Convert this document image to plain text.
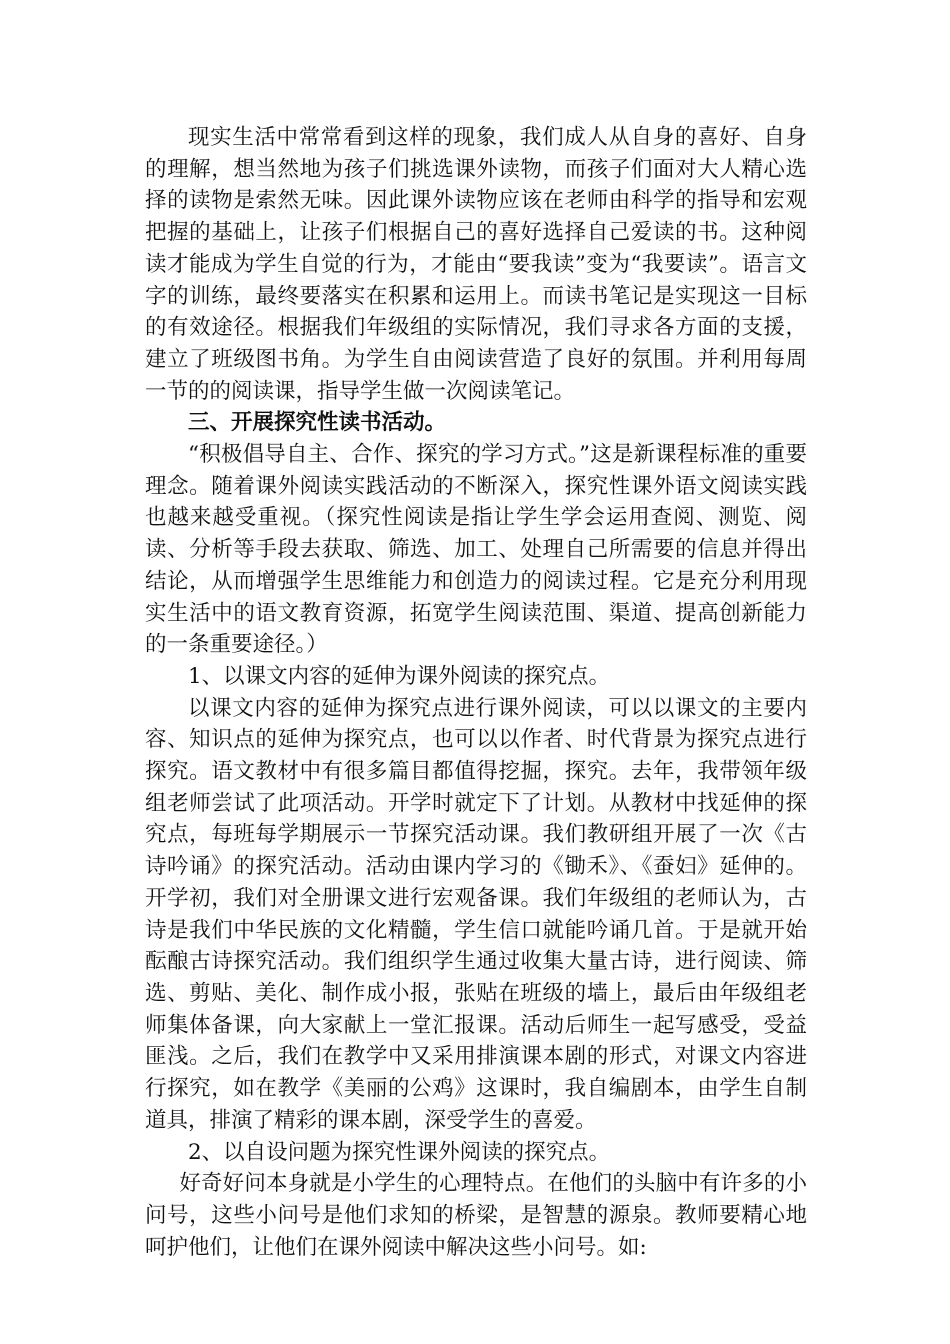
现实生活中常常看到这样的现象，我们成人从自身的喜好、自身的理解，想当然地为孩子们挑选课外读物，而孩子们面对大人精心选择的读物是索然无味。因此课外读物应该在老师由科学的指导和宏观把握的基础上，让孩子们根据自己的喜好选择自己爱读的书。这种阅读才能成为学生自觉的行为，才能由“要我读”变为“我要读”。语言文字的训练，最终要落实在积累和运用上。而读书笔记是实现这一目标的有效途径。根据我们年级组的实际情况，我们寻求各方面的支援，建立了班级图书角。为学生自由阅读营造了良好的氛围。并利用每周一节的的阅读课，指导学生做一次阅读笔记。

三、开展探究性读书活动。

“积极倡导自主、合作、探究的学习方式。”这是新课程标准的重要理念。随着课外阅读实践活动的不断深入，探究性课外语文阅读实践也越来越受重视。（探究性阅读是指让学生学会运用查阅、测览、阅读、分析等手段去获取、筛选、加工、处理自己所需要的信息并得出结论，从而增强学生思维能力和创造力的阅读过程。它是充分利用现实生活中的语文教育资源，拓宽学生阅读范围、渠道、提高创新能力的一条重要途径。）

1、以课文内容的延伸为课外阅读的探究点。

以课文内容的延伸为探究点进行课外阅读，可以以课文的主要内容、知识点的延伸为探究点，也可以以作者、时代背景为探究点进行探究。语文教材中有很多篇目都值得挖掘，探究。去年，我带领年级组老师尝试了此项活动。开学时就定下了计划。从教材中找延伸的探究点，每班每学期展示一节探究活动课。我们教研组开展了一次《古诗吟诵》的探究活动。活动由课内学习的《锄禾》、《蚕妇》延伸的。开学初，我们对全册课文进行宏观备课。我们年级组的老师认为，古诗是我们中华民族的文化精髓，学生信口就能吟诵几首。于是就开始酝酿古诗探究活动。我们组织学生通过收集大量古诗，进行阅读、筛选、剪贴、美化、制作成小报，张贴在班级的墙上，最后由年级组老师集体备课，向大家献上一堂汇报课。活动后师生一起写感受，受益匪浅。之后，我们在教学中又采用排演课本剧的形式，对课文内容进行探究，如在教学《美丽的公鸡》这课时，我自编剧本，由学生自制道具，排演了精彩的课本剧，深受学生的喜爱。

2、以自设问题为探究性课外阅读的探究点。

好奇好问本身就是小学生的心理特点。在他们的头脑中有许多的小问号，这些小问号是他们求知的桥梁，是智慧的源泉。教师要精心地呵护他们，让他们在课外阅读中解决这些小问号。如:
